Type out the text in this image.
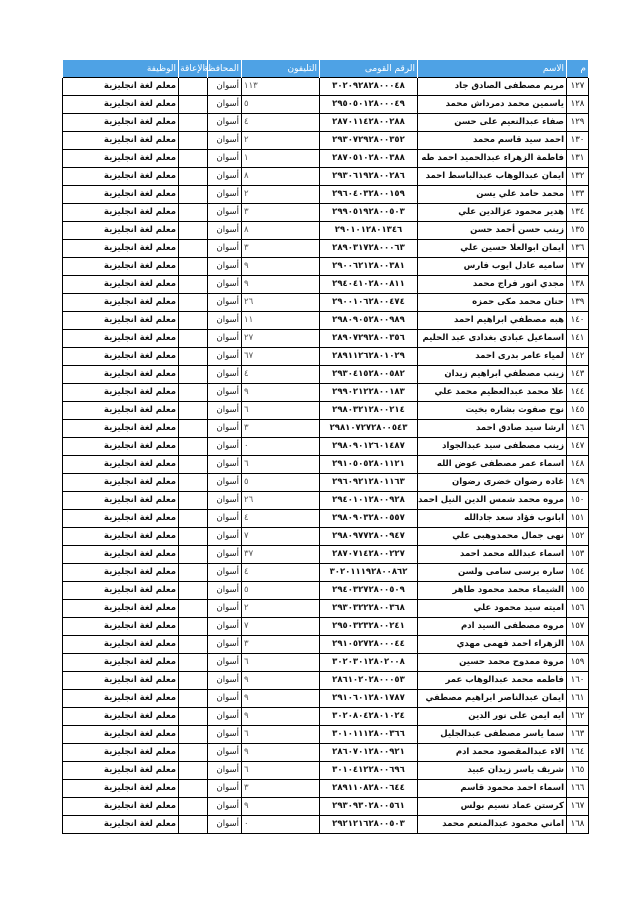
م	الاسم	الرقم القومى	التليفون	المحافظة	الإعاقة	الوظيفة
١٢٧	مريم مصطفى الصادق جاد	٣٠٢٠٩٢٨٢٨٠٠٠٤٨	١١٣	أسوان		معلم لغة انجليزية
١٢٨	ياسمين محمد دمرداش محمد	٢٩٥٠٥٠١٢٨٠٠٠٤٩	٥	أسوان		معلم لغة انجليزية
١٢٩	صفاء عبدالنعيم على حسن	٢٨٧٠١١٤٢٨٠٠٢٨٨	٤	أسوان		معلم لغة انجليزية
١٣٠	احمد سيد قاسم محمد	٢٩٣٠٧٢٩٢٨٠٠٣٥٢	٢	أسوان		معلم لغة انجليزية
١٣١	فاطمة الزهراء عبدالحميد احمد طه	٢٨٧٠٥١٠٢٨٠٠٣٨٨	١	أسوان		معلم لغة انجليزية
١٣٢	ايمان عبدالوهاب عبدالباسط احمد	٢٩٣٠٦١٩٢٨٠٠٢٨٦	٨	أسوان		معلم لغة انجليزية
١٣٣	محمد حامد علي يسن	٢٩٦٠٤٠٣٢٨٠٠١٥٩	٢	أسوان		معلم لغة انجليزية
١٣٤	هدير محمود عزالدين علي	٢٩٩٠٥١٩٢٨٠٠٥٠٣	٣	أسوان		معلم لغة انجليزية
١٣٥	زينب حسن أحمد حسن	٢٩٠١٠١٢٨٠١٣٤٦	٨	أسوان		معلم لغة انجليزية
١٣٦	ايمان ابوالعلا حسين علي	٢٨٩٠٣١٧٢٨٠٠٠٦٣	٣	أسوان		معلم لغة انجليزية
١٣٧	ساميه عادل ايوب فارس	٢٩٠٠٦٢١٢٨٠٠٣٨١	٩	أسوان		معلم لغة انجليزية
١٣٨	مجدي انور فراج محمد	٢٩٤٠٤١٠٢٨٠٠٨١١	٩	أسوان		معلم لغة انجليزية
١٣٩	حنان محمد مكى حمزه	٢٩٠٠١٠٦٢٨٠٠٤٧٤	٢٦	أسوان		معلم لغة انجليزية
١٤٠	هبه مصطفي ابراهيم احمد	٢٩٨٠٩٠٥٢٨٠٠٩٨٩	١١	أسوان		معلم لغة انجليزية
١٤١	اسماعيل عبادى بغدادى عبد الحليم	٢٨٩٠٧٢٩٢٨٠٠٣٥٦	٢٧	أسوان		معلم لغة انجليزية
١٤٢	لمياء عامر بدرى احمد	٢٨٩١١٢٦٢٨٠١٠٢٩	٦٧	أسوان		معلم لغة انجليزية
١٤٣	زينب مصطفي ابراهيم زيدان	٢٩٣٠٤١٥٢٨٠٠٥٨٢	٤	أسوان		معلم لغة انجليزية
١٤٤	علا محمد عبدالعظيم محمد علي	٢٩٩٠٢١٢٢٨٠٠١٨٣	٩	أسوان		معلم لغة انجليزية
١٤٥	نوح صفوت بشاره بخيت	٢٩٨٠٣٢١٢٨٠٠٢١٤	٦	أسوان		معلم لغة انجليزية
١٤٦	ارشا سيد صادق احمد	٢٩٨١٠٧٢٧٢٨٠٠٥٤٣	٣	أسوان		معلم لغة انجليزية
١٤٧	زينب مصطفى سيد عبدالجواد	٢٩٨٠٩٠١٢٦٠١٤٨٧	٠	أسوان		معلم لغة انجليزية
١٤٨	اسماء عمر مصطفى عوض الله	٢٩١٠٥٠٥٢٨٠١١٢١	٦	أسوان		معلم لغة انجليزية
١٤٩	غاده رضوان خضرى رضوان	٢٩٦٠٩٢١٢٨٠١١٦٣	٥	أسوان		معلم لغة انجليزية
١٥٠	مروه محمد شمس الدين النيل احمد	٢٩٤٠١٠١٢٨٠٠٩٢٨	٢٦	أسوان		معلم لغة انجليزية
١٥١	ابانوب فؤاد سعد جادالله	٢٩٨٠٩٠٣٢٨٠٠٥٥٧	٤	أسوان		معلم لغة انجليزية
١٥٢	نهى جمال محمدوهبى علي	٢٩٨٠٩٧٧٢٨٠٠٩٤٧	٧	أسوان		معلم لغة انجليزية
١٥٣	اسماء عبدالله محمد احمد	٢٨٧٠٧١٤٢٨٠٠٢٢٧	٣٧	أسوان		معلم لغة انجليزية
١٥٤	ساره برسى سامى ولسن	٣٠٢٠١١١٩٢٨٠٠٨٦٢	٤	أسوان		معلم لغة انجليزية
١٥٥	الشيماء محمد محمود طاهر	٢٩٤٠٣٢٧٢٨٠٠٥٠٩	٥	أسوان		معلم لغة انجليزية
١٥٦	اميته سيد محمود علي	٢٩٣٠٣٢٢٢٨٠٠٣٦٨	٢	أسوان		معلم لغة انجليزية
١٥٧	مروه مصطفى السيد ادم	٢٩٥٠٣٢٣٢٨٠٠٢٤١	٧	أسوان		معلم لغة انجليزية
١٥٨	الزهراء احمد فهمى مهدي	٢٩١٠٥٢٧٢٨٠٠٠٤٤	٣	أسوان		معلم لغة انجليزية
١٥٩	مروة ممدوح محمد حسين	٣٠٢٠٣٠١٢٨٠٢٠٠٨	٦	أسوان		معلم لغة انجليزية
١٦٠	فاطمه محمد عبدالوهاب عمر	٢٨٦١٠٢٠٢٨٠٠٠٥٣	٩	أسوان		معلم لغة انجليزية
١٦١	ايمان عبدالناصر ابراهيم مصطفي	٢٩١٠٦٠١٢٨٠١٧٨٧	٩	أسوان		معلم لغة انجليزية
١٦٢	ايه ايمن على نور الدين	٣٠٢٠٨٠٤٢٨٠١٠٢٤	٩	أسوان		معلم لغة انجليزية
١٦٣	سما ياسر مصطفى عبدالجليل	٣٠١٠١١١٢٨٠٠٣٦٦	٦	أسوان		معلم لغة انجليزية
١٦٤	الاء عبدالمقصود محمد ادم	٢٨٦٠٧٠١٢٨٠٠٩٢١	٩	أسوان		معلم لغة انجليزية
١٦٥	شريف ياسر زيدان عبيد	٣٠١٠٤١٢٢٨٠٠٦٩٦	٦	أسوان		معلم لغة انجليزية
١٦٦	اسماء احمد محمود قاسم	٢٨٩١١٠٨٢٨٠٠٦٤٤	٣	أسوان		معلم لغة انجليزية
١٦٧	كرستن عماد نسيم بولس	٢٩٣٠٩٣٠٢٨٠٠٥٦١	٩	أسوان		معلم لغة انجليزية
١٦٨	اماني محمود عبدالمنعم محمد	٢٩٢١٢١٦٢٨٠٠٥٠٣	٠	أسوان		معلم لغة انجليزية
